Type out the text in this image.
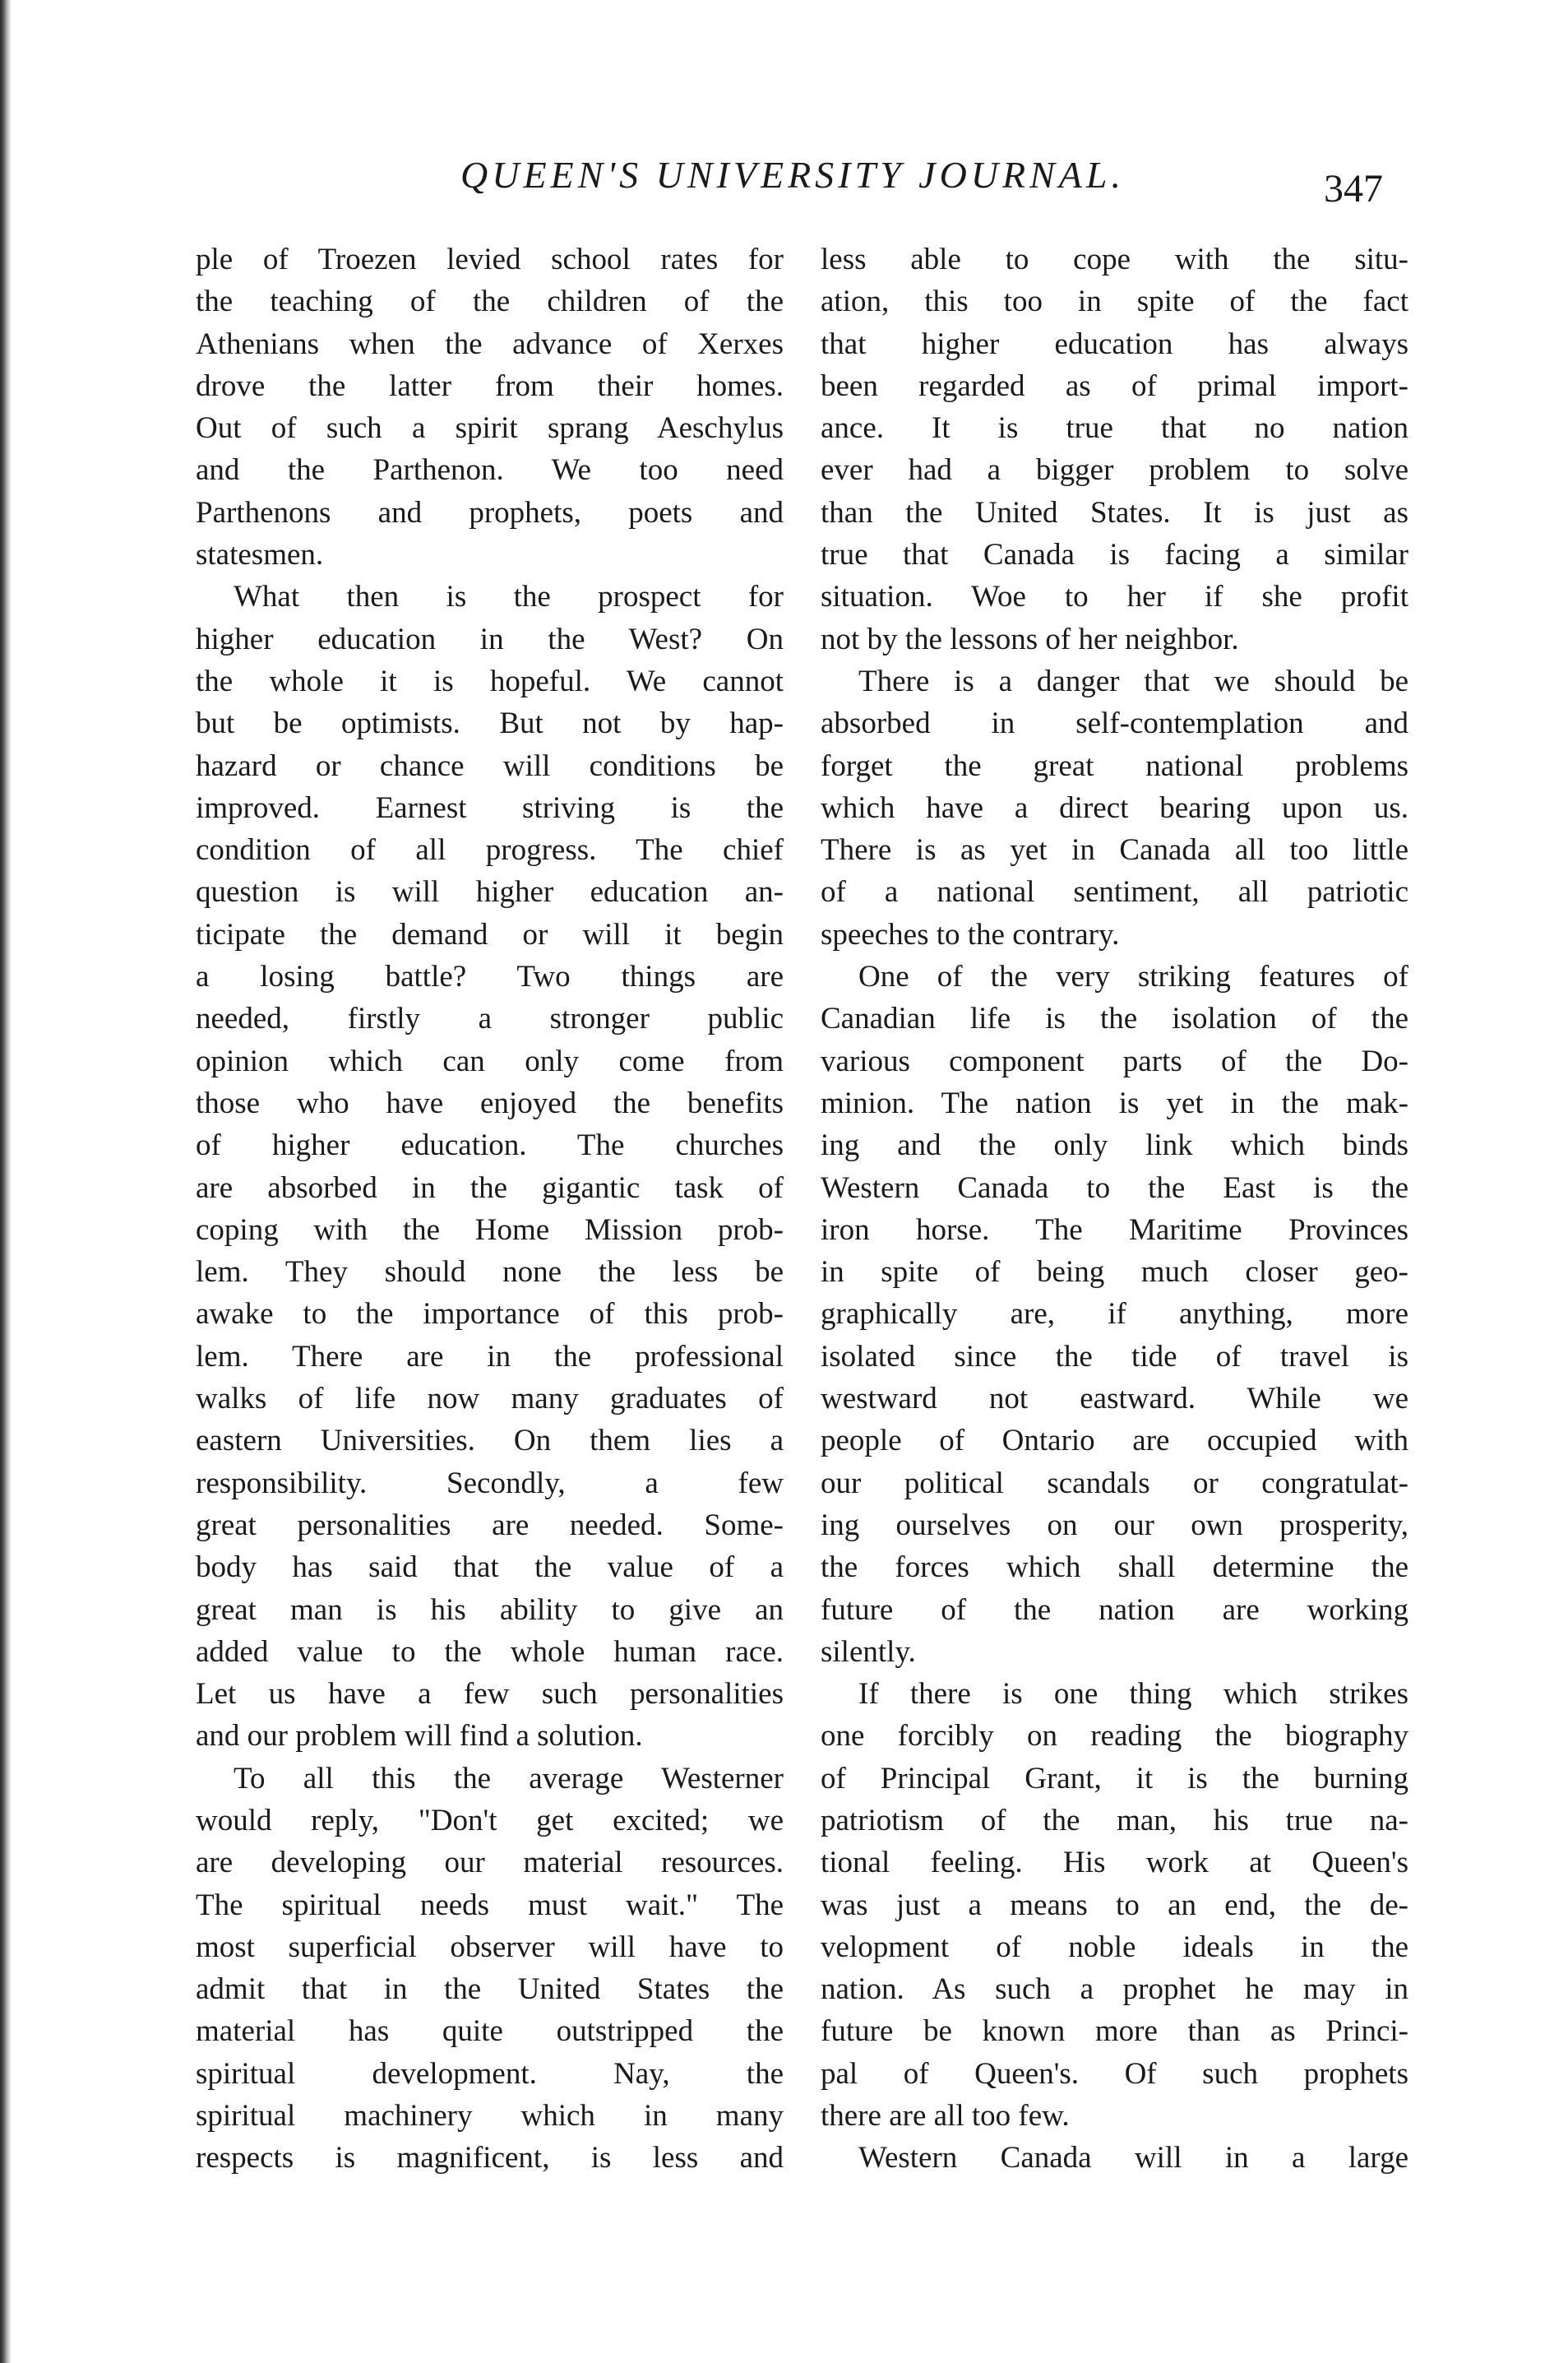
QUEEN'S UNIVERSITY JOURNAL.	347
ple of Troezen levied school rates for
the teaching of the children of the
Athenians when the advance of Xerxes
drove the latter from their homes.
Out of such a spirit sprang Aeschylus
and the Parthenon. We too need
Parthenons and prophets, poets and
statesmen.
What then is the prospect for
higher education in the West? On
the whole it is hopeful. We cannot
but be optimists. But not by hap-
hazard or chance will conditions be
improved. Earnest striving is the
condition of all progress. The chief
question is will higher education an-
ticipate the demand or will it begin
a losing battle? Two things are
needed, firstly a stronger public
opinion which can only come from
those who have enjoyed the benefits
of higher education. The churches
are absorbed in the gigantic task of
coping with the Home Mission prob-
lem. They should none the less be
awake to the importance of this prob-
lem. There are in the professional
walks of life now many graduates of
eastern Universities. On them lies a
responsibility. Secondly, a few
great personalities are needed. Some-
body has said that the value of a
great man is his ability to give an
added value to the whole human race.
Let us have a few such personalities
and our problem will find a solution.
To all this the average Westerner
would reply, "Don't get excited; we
are developing our material resources.
The spiritual needs must wait." The
most superficial observer will have to
admit that in the United States the
material has quite outstripped the
spiritual development. Nay, the
spiritual machinery which in many
respects is magnificent, is less and
less able to cope with the situ-
ation, this too in spite of the fact
that higher education has always
been regarded as of primal import-
ance. It is true that no nation
ever had a bigger problem to solve
than the United States. It is just as
true that Canada is facing a similar
situation. Woe to her if she profit
not by the lessons of her neighbor.
There is a danger that we should be
absorbed in self-contemplation and
forget the great national problems
which have a direct bearing upon us.
There is as yet in Canada all too little
of a national sentiment, all patriotic
speeches to the contrary.
One of the very striking features of
Canadian life is the isolation of the
various component parts of the Do-
minion. The nation is yet in the mak-
ing and the only link which binds
Western Canada to the East is the
iron horse. The Maritime Provinces
in spite of being much closer geo-
graphically are, if anything, more
isolated since the tide of travel is
westward not eastward. While we
people of Ontario are occupied with
our political scandals or congratulat-
ing ourselves on our own prosperity,
the forces which shall determine the
future of the nation are working
silently.
If there is one thing which strikes
one forcibly on reading the biography
of Principal Grant, it is the burning
patriotism of the man, his true na-
tional feeling. His work at Queen's
was just a means to an end, the de-
velopment of noble ideals in the
nation. As such a prophet he may in
future be known more than as Princi-
pal of Queen's. Of such prophets
there are all too few.
Western Canada will in a large
